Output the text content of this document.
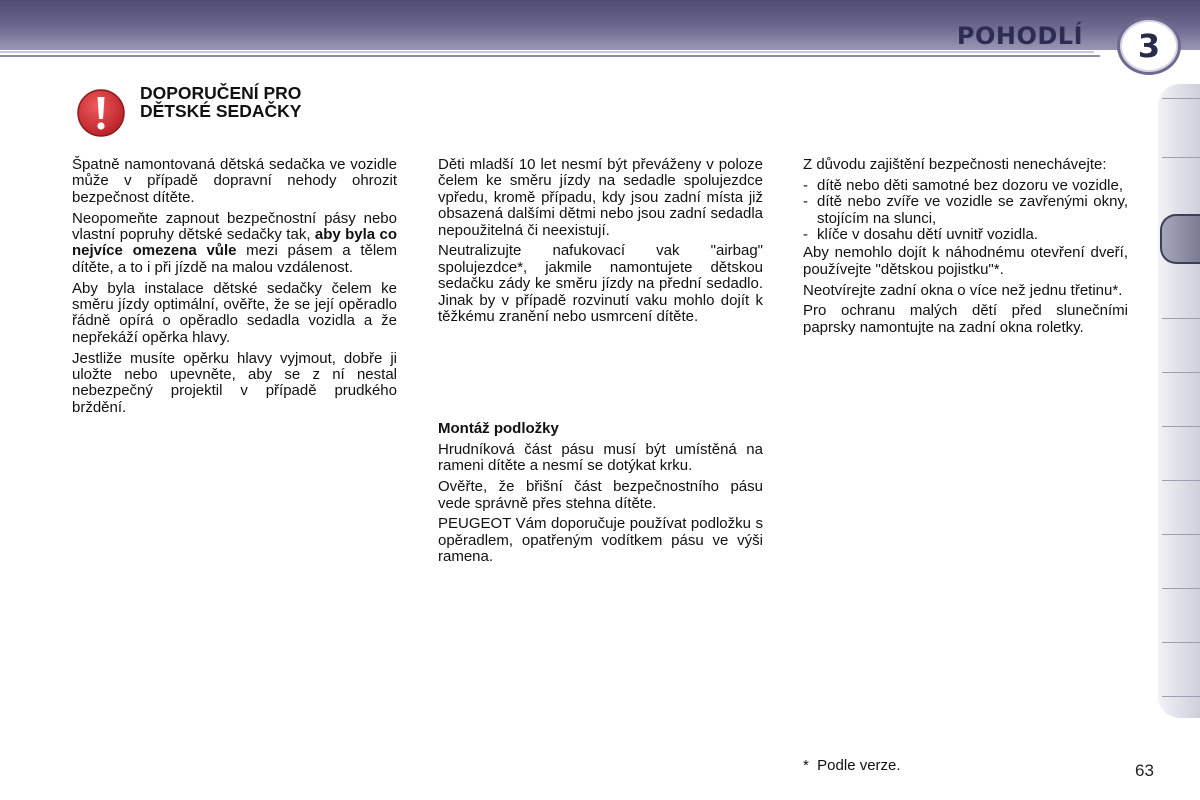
POHODLÍ 3
DOPORUČENÍ PRO
DĚTSKÉ SEDAČKY

Špatně namontovaná dětská sedačka ve vozidle může v případě dopravní nehody ohrozit bezpečnost dítěte.

Neopomeňte zapnout bezpečnostní pásy nebo vlastní popruhy dětské sedačky tak, aby byla co nejvíce omezena vůle mezi pásem a tělem dítěte, a to i při jízdě na malou vzdálenost.

Aby byla instalace dětské sedačky čelem ke směru jízdy optimální, ověřte, že se její opěradlo řádně opírá o opěradlo sedadla vozidla a že nepřekáží opěrka hlavy.

Jestliže musíte opěrku hlavy vyjmout, dobře ji uložte nebo upevněte, aby se z ní nestal nebezpečný projektil v případě prudkého brždění.

Děti mladší 10 let nesmí být převáženy v poloze čelem ke směru jízdy na sedadle spolujezdce vpředu, kromě případu, kdy jsou zadní místa již obsazená dalšími dětmi nebo jsou zadní sedadla nepoužitelná či neexistují.

Neutralizujte nafukovací vak "airbag" spolujezdce*, jakmile namontujete dětskou sedačku zády ke směru jízdy na přední sedadlo. Jinak by v případě rozvinutí vaku mohlo dojít k těžkému zranění nebo usmrcení dítěte.

Montáž podložky

Hrudníková část pásu musí být umístěná na rameni dítěte a nesmí se dotýkat krku.

Ověřte, že břišní část bezpečnostního pásu vede správně přes stehna dítěte.

PEUGEOT Vám doporučuje používat podložku s opěradlem, opatřeným vodítkem pásu ve výši ramena.

Z důvodu zajištění bezpečnosti nenechávejte:

- dítě nebo děti samotné bez dozoru ve vozidle,
- dítě nebo zvíře ve vozidle se zavřenými okny, stojícím na slunci,
- klíče v dosahu dětí uvnitř vozidla.

Aby nemohlo dojít k náhodnému otevření dveří, používejte "dětskou pojistku"*.

Neotvírejte zadní okna o více než jednu třetinu*.

Pro ochranu malých dětí před slunečními paprsky namontujte na zadní okna roletky.

*  Podle verze.	63
